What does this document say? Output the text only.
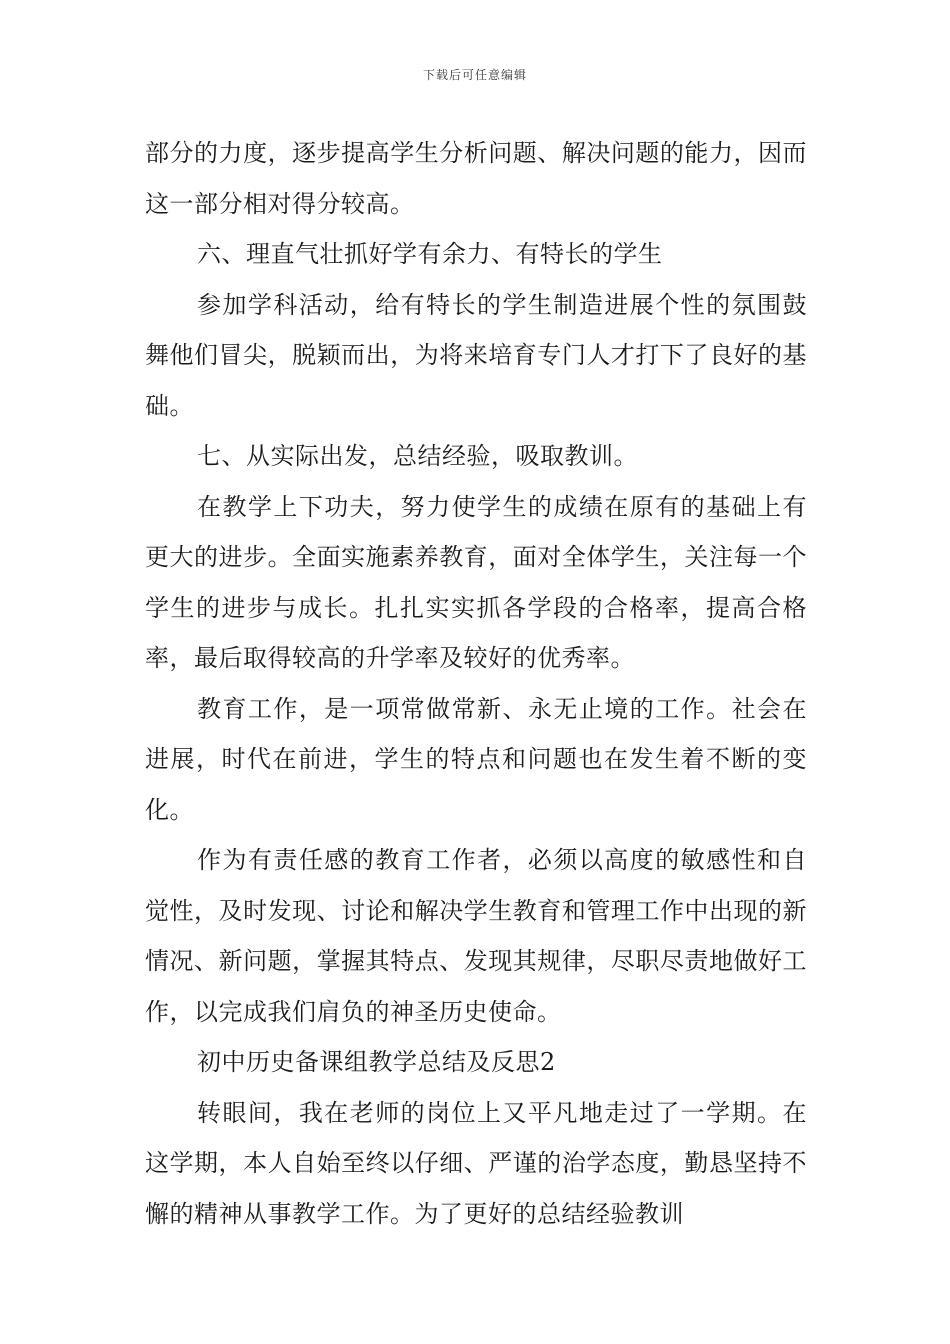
下载后可任意编辑

部分的力度，逐步提高学生分析问题、解决问题的能力，因而这一部分相对得分较高。

六、理直气壮抓好学有余力、有特长的学生

参加学科活动，给有特长的学生制造进展个性的氛围鼓舞他们冒尖，脱颖而出，为将来培育专门人才打下了良好的基础。

七、从实际出发，总结经验，吸取教训。

在教学上下功夫，努力使学生的成绩在原有的基础上有更大的进步。全面实施素养教育，面对全体学生，关注每一个学生的进步与成长。扎扎实实抓各学段的合格率，提高合格率，最后取得较高的升学率及较好的优秀率。

教育工作，是一项常做常新、永无止境的工作。社会在进展，时代在前进，学生的特点和问题也在发生着不断的变化。

作为有责任感的教育工作者，必须以高度的敏感性和自觉性，及时发现、讨论和解决学生教育和管理工作中出现的新情况、新问题，掌握其特点、发现其规律，尽职尽责地做好工作，以完成我们肩负的神圣历史使命。

初中历史备课组教学总结及反思2

转眼间，我在老师的岗位上又平凡地走过了一学期。在这学期，本人自始至终以仔细、严谨的治学态度，勤恳坚持不懈的精神从事教学工作。为了更好的总结经验教训
